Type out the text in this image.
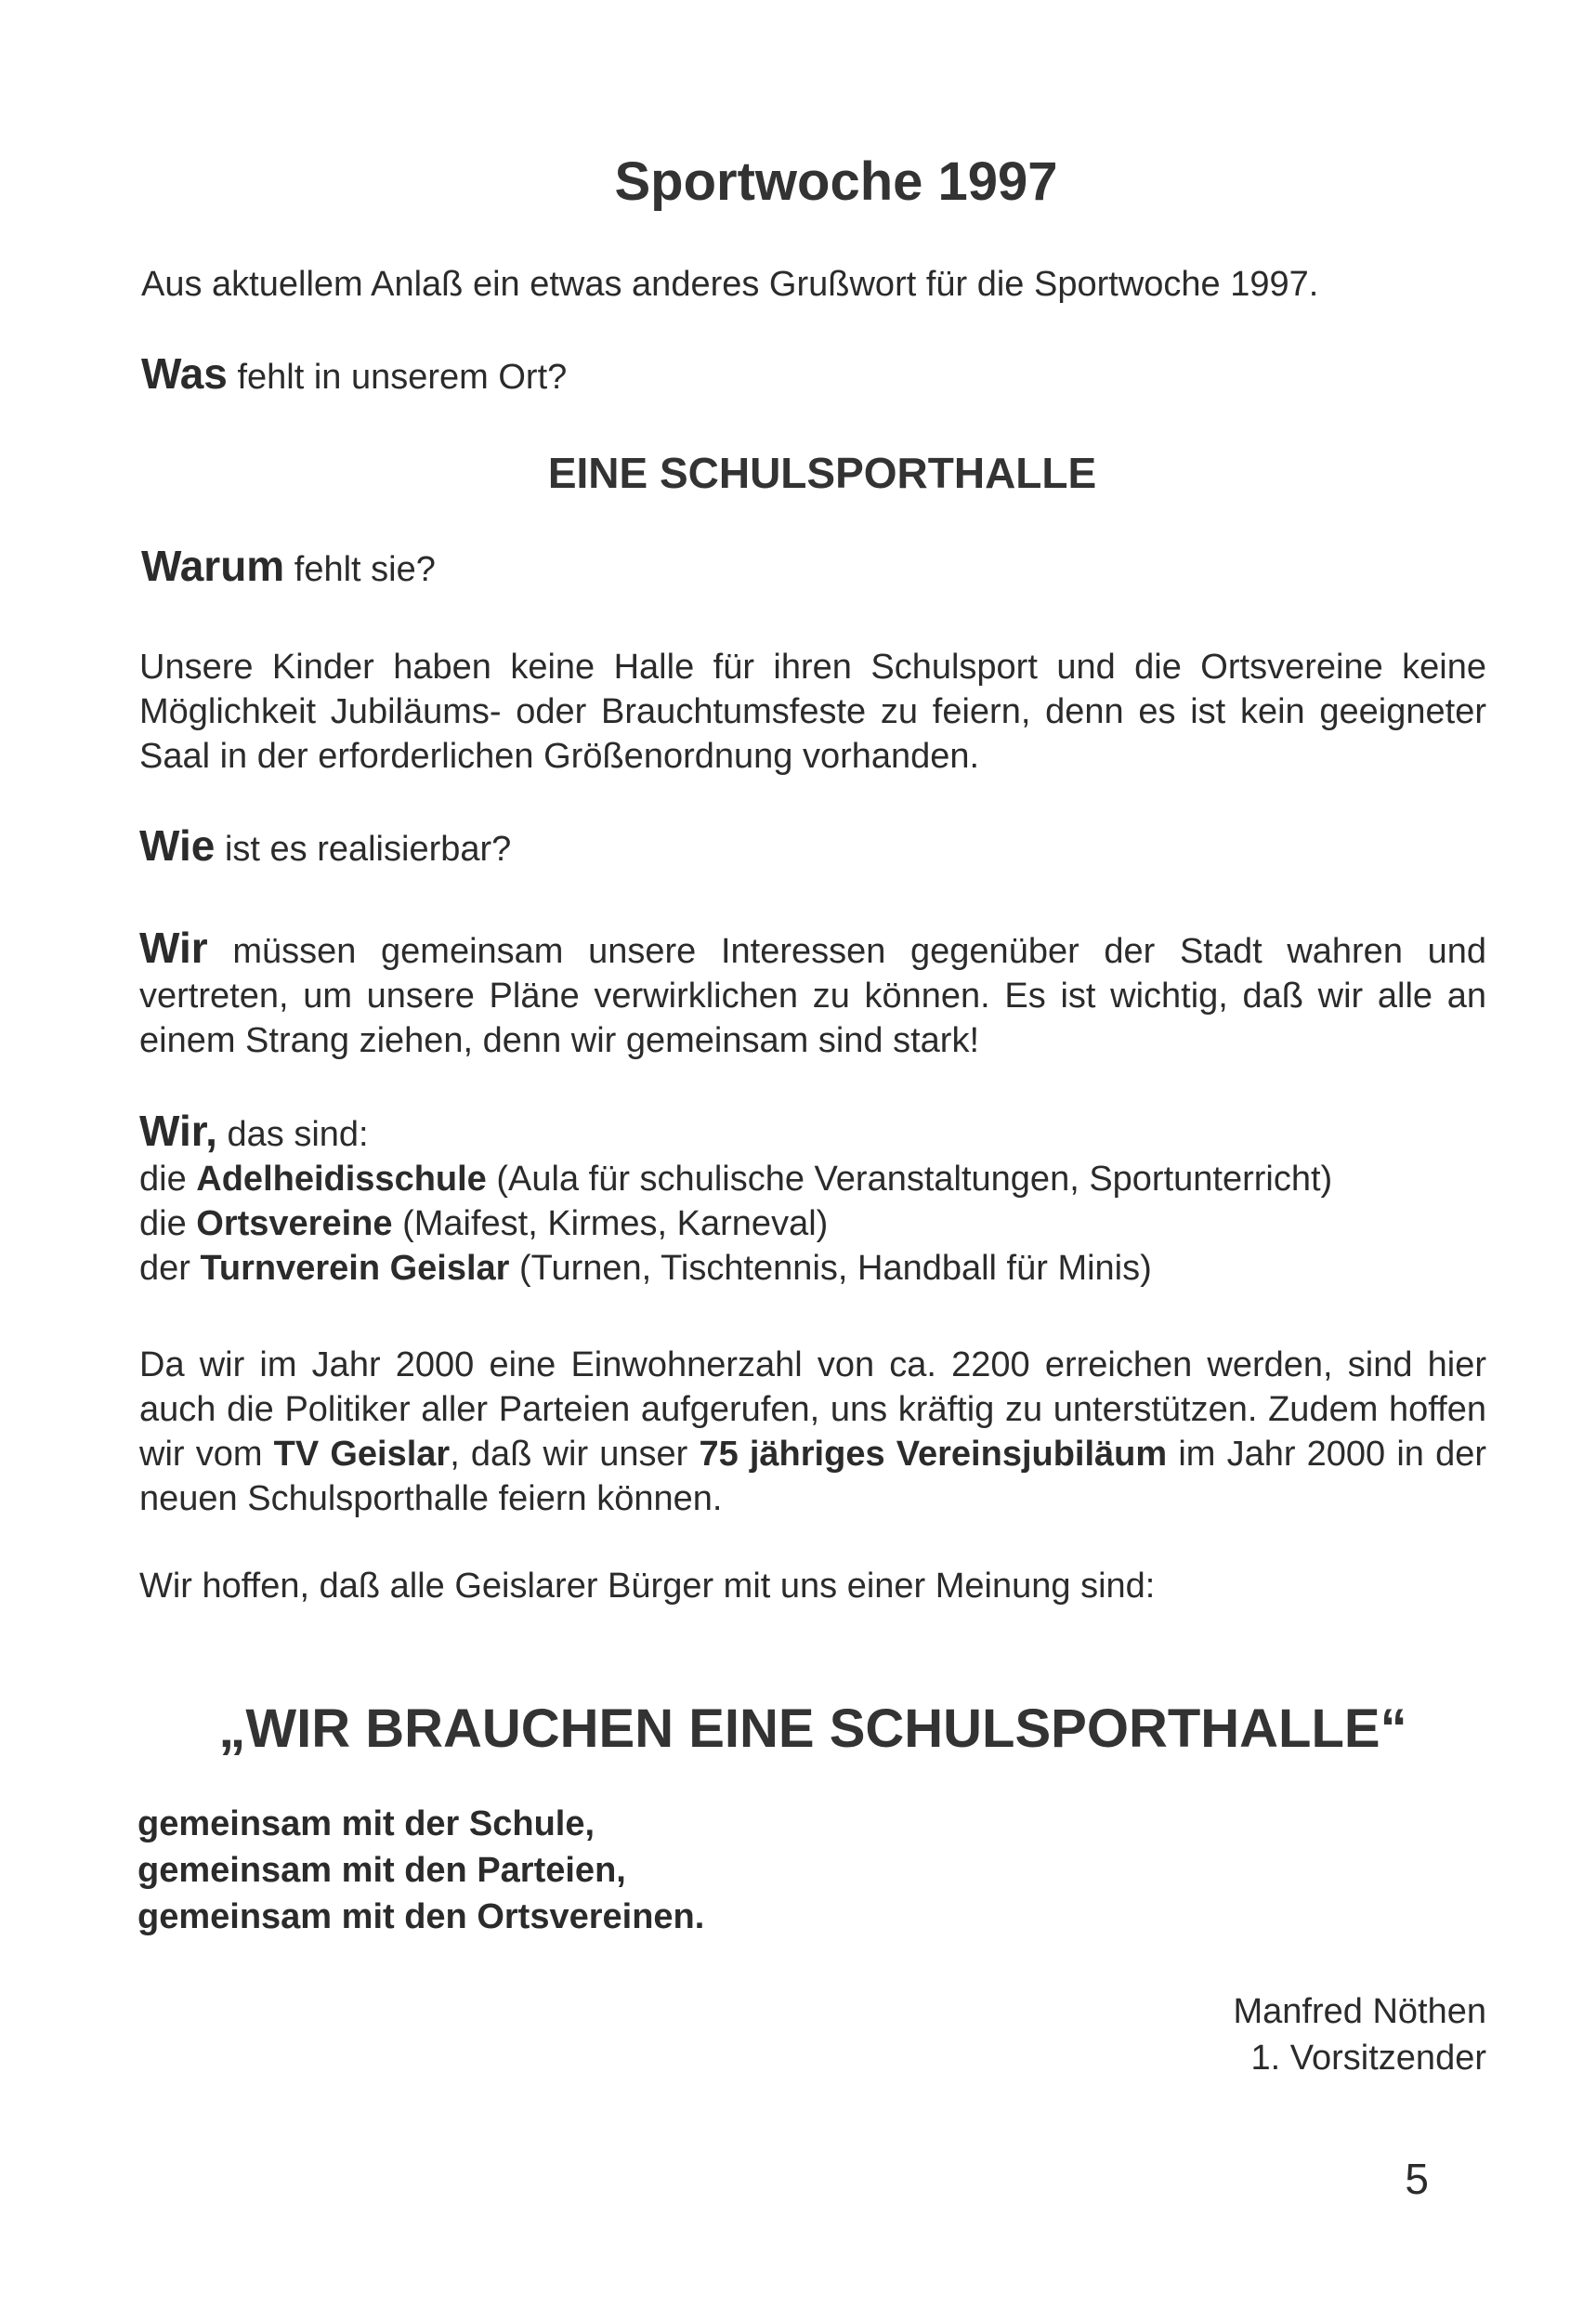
Sportwoche 1997

Aus aktuellem Anlaß ein etwas anderes Grußwort für die Sportwoche 1997.

Was fehlt in unserem Ort?

EINE SCHULSPORTHALLE

Warum fehlt sie?

Unsere Kinder haben keine Halle für ihren Schulsport und die Ortsvereine keine Möglichkeit Jubiläums- oder Brauchtumsfeste zu feiern, denn es ist kein geeigneter Saal in der erforderlichen Größenordnung vorhanden.

Wie ist es realisierbar?

Wir müssen gemeinsam unsere Interessen gegenüber der Stadt wahren und vertreten, um unsere Pläne verwirklichen zu können. Es ist wichtig, daß wir alle an einem Strang ziehen, denn wir gemeinsam sind stark!

Wir, das sind:
die Adelheidisschule (Aula für schulische Veranstaltungen, Sportunterricht)
die Ortsvereine (Maifest, Kirmes, Karneval)
der Turnverein Geislar (Turnen, Tischtennis, Handball für Minis)

Da wir im Jahr 2000 eine Einwohnerzahl von ca. 2200 erreichen werden, sind hier auch die Politiker aller Parteien aufgerufen, uns kräftig zu unterstützen. Zudem hoffen wir vom TV Geislar, daß wir unser 75 jähriges Vereinsjubiläum im Jahr 2000 in der neuen Schulsporthalle feiern können.

Wir hoffen, daß alle Geislarer Bürger mit uns einer Meinung sind:

„WIR BRAUCHEN EINE SCHULSPORTHALLE“
gemeinsam mit der Schule,
gemeinsam mit den Parteien,
gemeinsam mit den Ortsvereinen.
Manfred Nöthen
1. Vorsitzender
5
